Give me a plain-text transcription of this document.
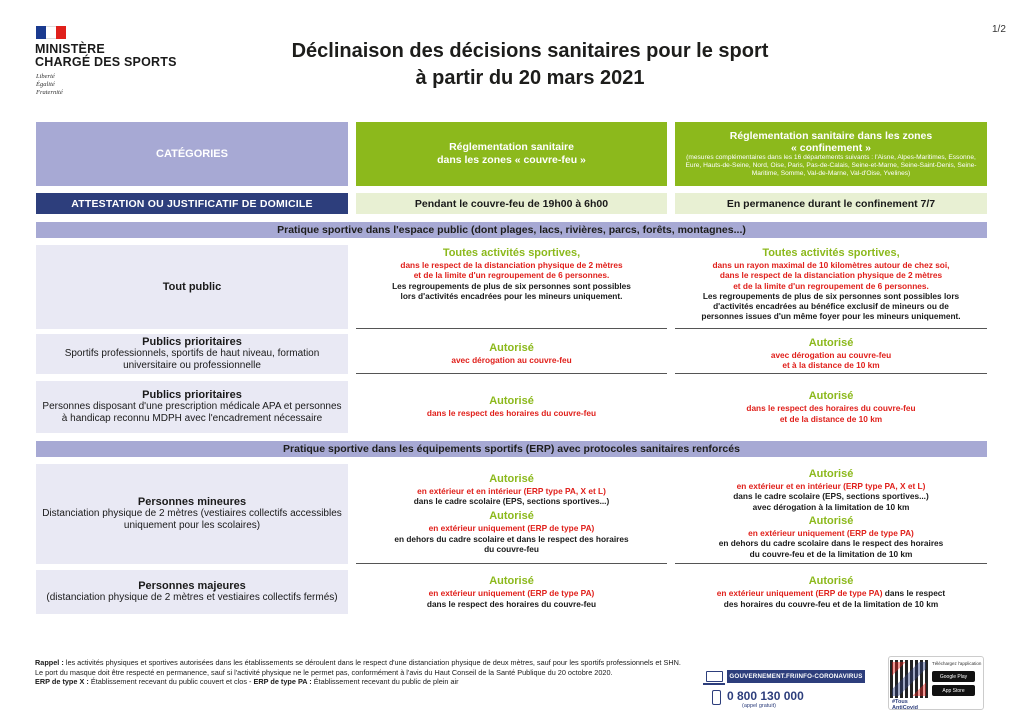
MINISTÈRE
CHARGÉ DES SPORTS
Liberté
Égalité
Fraternité
Déclinaison des décisions sanitaires pour le sport
à partir du 20 mars 2021
1/2
CATÉGORIES
Réglementation sanitaire
dans les zones « couvre-feu »
Réglementation sanitaire dans les zones
« confinement »
(mesures complémentaires dans les 16 départements suivants : l'Aisne, Alpes-Maritimes, Essonne, Eure, Hauts-de-Seine, Nord, Oise, Paris, Pas-de-Calais, Seine-et-Marne, Seine-Saint-Denis, Seine-Maritime, Somme, Val-de-Marne, Val-d'Oise, Yvelines)
ATTESTATION OU JUSTIFICATIF DE DOMICILE	Pendant le couvre-feu de 19h00 à 6h00	En permanence durant le confinement 7/7
Pratique sportive dans l'espace public (dont plages, lacs, rivières, parcs, forêts, montagnes...)
Tout public
Toutes activités sportives,
dans le respect de la distanciation physique de 2 mètres
et de la limite d'un regroupement de 6 personnes.
Les regroupements de plus de six personnes sont possibles
lors d'activités encadrées pour les mineurs uniquement.
Toutes activités sportives,
dans un rayon maximal de 10 kilomètres autour de chez soi,
dans le respect de la distanciation physique de 2 mètres
et de la limite d'un regroupement de 6 personnes.
Les regroupements de plus de six personnes sont possibles lors
d'activités encadrées au bénéfice exclusif de mineurs ou de
personnes issues d'un même foyer pour les mineurs uniquement.
Publics prioritaires
Sportifs professionnels, sportifs de haut niveau, formation universitaire ou professionnelle
Autorisé
avec dérogation au couvre-feu
Autorisé
avec dérogation au couvre-feu
et à la distance de 10 km
Publics prioritaires
Personnes disposant d'une prescription médicale APA et personnes à handicap reconnu MDPH avec l'encadrement nécessaire
Autorisé
dans le respect des horaires du couvre-feu
Autorisé
dans le respect des horaires du couvre-feu
et de la distance de 10 km
Pratique sportive dans les équipements sportifs (ERP) avec protocoles sanitaires renforcés
Personnes mineures
Distanciation physique de 2 mètres (vestiaires collectifs accessibles uniquement pour les scolaires)
Autorisé
en extérieur et en intérieur (ERP type PA, X et L)
dans le cadre scolaire (EPS, sections sportives...)
Autorisé
en extérieur uniquement (ERP de type PA)
en dehors du cadre scolaire et dans le respect des horaires
du couvre-feu
Autorisé
en extérieur et en intérieur (ERP type PA, X et L)
dans le cadre scolaire (EPS, sections sportives...)
avec dérogation à la limitation de 10 km
Autorisé
en extérieur uniquement (ERP de type PA)
en dehors du cadre scolaire dans le respect des horaires
du couvre-feu et de la limitation de 10 km
Personnes majeures
(distanciation physique de 2 mètres et vestiaires collectifs fermés)
Autorisé
en extérieur uniquement (ERP de type PA)
dans le respect des horaires du couvre-feu
Autorisé
en extérieur uniquement (ERP de type PA) dans le respect
des horaires du couvre-feu et de la limitation de 10 km
Rappel : les activités physiques et sportives autorisées dans les établissements se déroulent dans le respect d'une distanciation physique de deux mètres, sauf pour les sportifs professionnels et SHN.
Le port du masque doit être respecté en permanence, sauf si l'activité physique ne le permet pas, conformément à l'avis du Haut Conseil de la Santé Publique du 20 octobre 2020.
ERP de type X : Établissement recevant du public couvert et clos - ERP de type PA : Établissement recevant du public de plein air
GOUVERNEMENT.FR/INFO-CORONAVIRUS
0 800 130 000
(appel gratuit)
#Tous AntiCovid
Téléchargez l'application
Google Play
App Store
